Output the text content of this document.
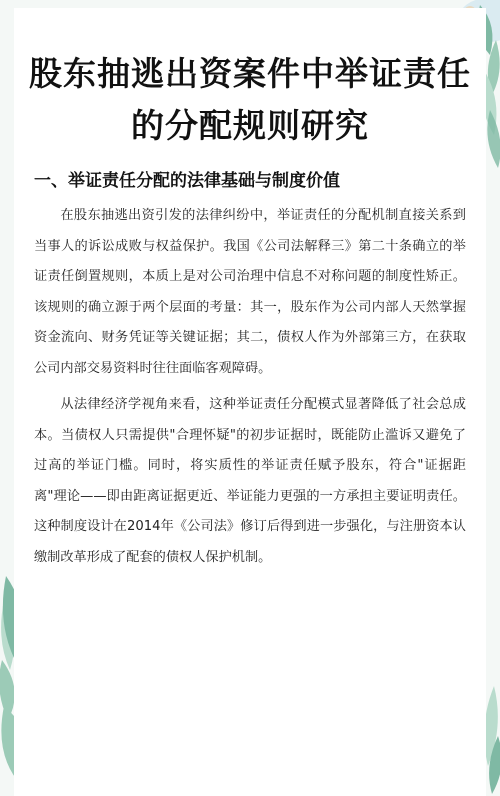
股东抽逃出资案件中举证责任
的分配规则研究
一、举证责任分配的法律基础与制度价值

在股东抽逃出资引发的法律纠纷中，举证责任的分配机制直接关系到当事人的诉讼成败与权益保护。我国《公司法解释三》第二十条确立的举证责任倒置规则，本质上是对公司治理中信息不对称问题的制度性矫正。该规则的确立源于两个层面的考量：其一，股东作为公司内部人天然掌握资金流向、财务凭证等关键证据；其二，债权人作为外部第三方，在获取公司内部交易资料时往往面临客观障碍。

从法律经济学视角来看，这种举证责任分配模式显著降低了社会总成本。当债权人只需提供"合理怀疑"的初步证据时，既能防止滥诉又避免了过高的举证门槛。同时，将实质性的举证责任赋予股东，符合"证据距离"理论——即由距离证据更近、举证能力更强的一方承担主要证明责任。这种制度设计在2014年《公司法》修订后得到进一步强化，与注册资本认缴制改革形成了配套的债权人保护机制。
